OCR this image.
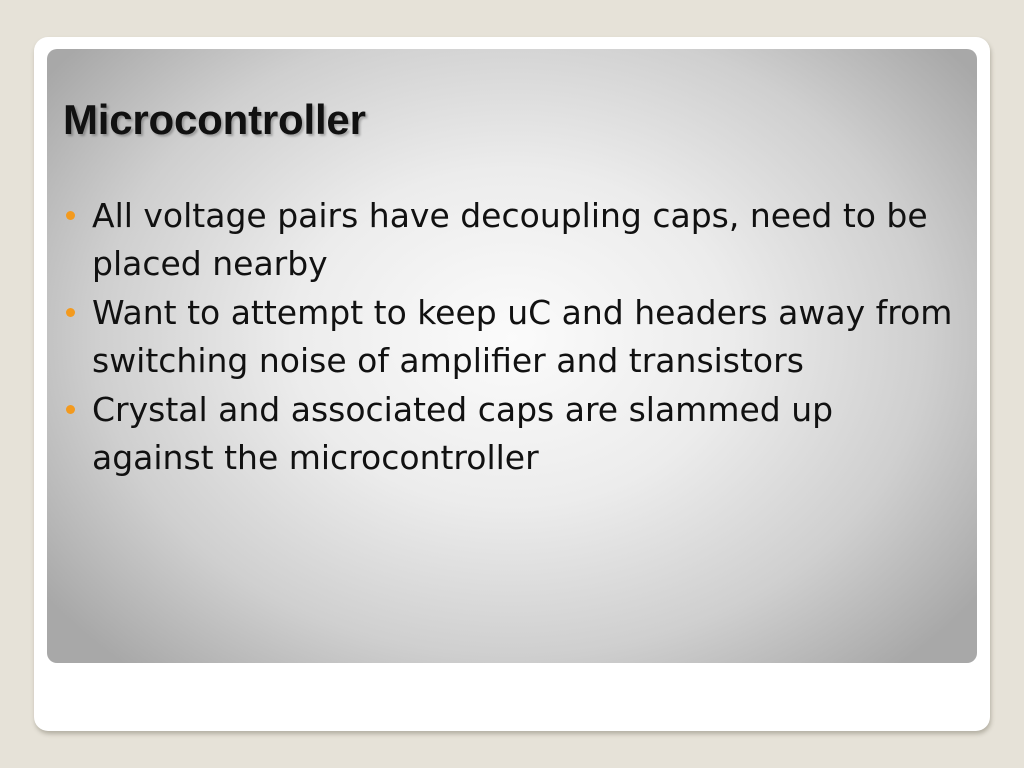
Microcontroller
All voltage pairs have decoupling caps, need to be placed nearby
Want to attempt to keep uC and headers away from switching noise of amplifier and transistors
Crystal and associated caps are slammed up against the microcontroller
